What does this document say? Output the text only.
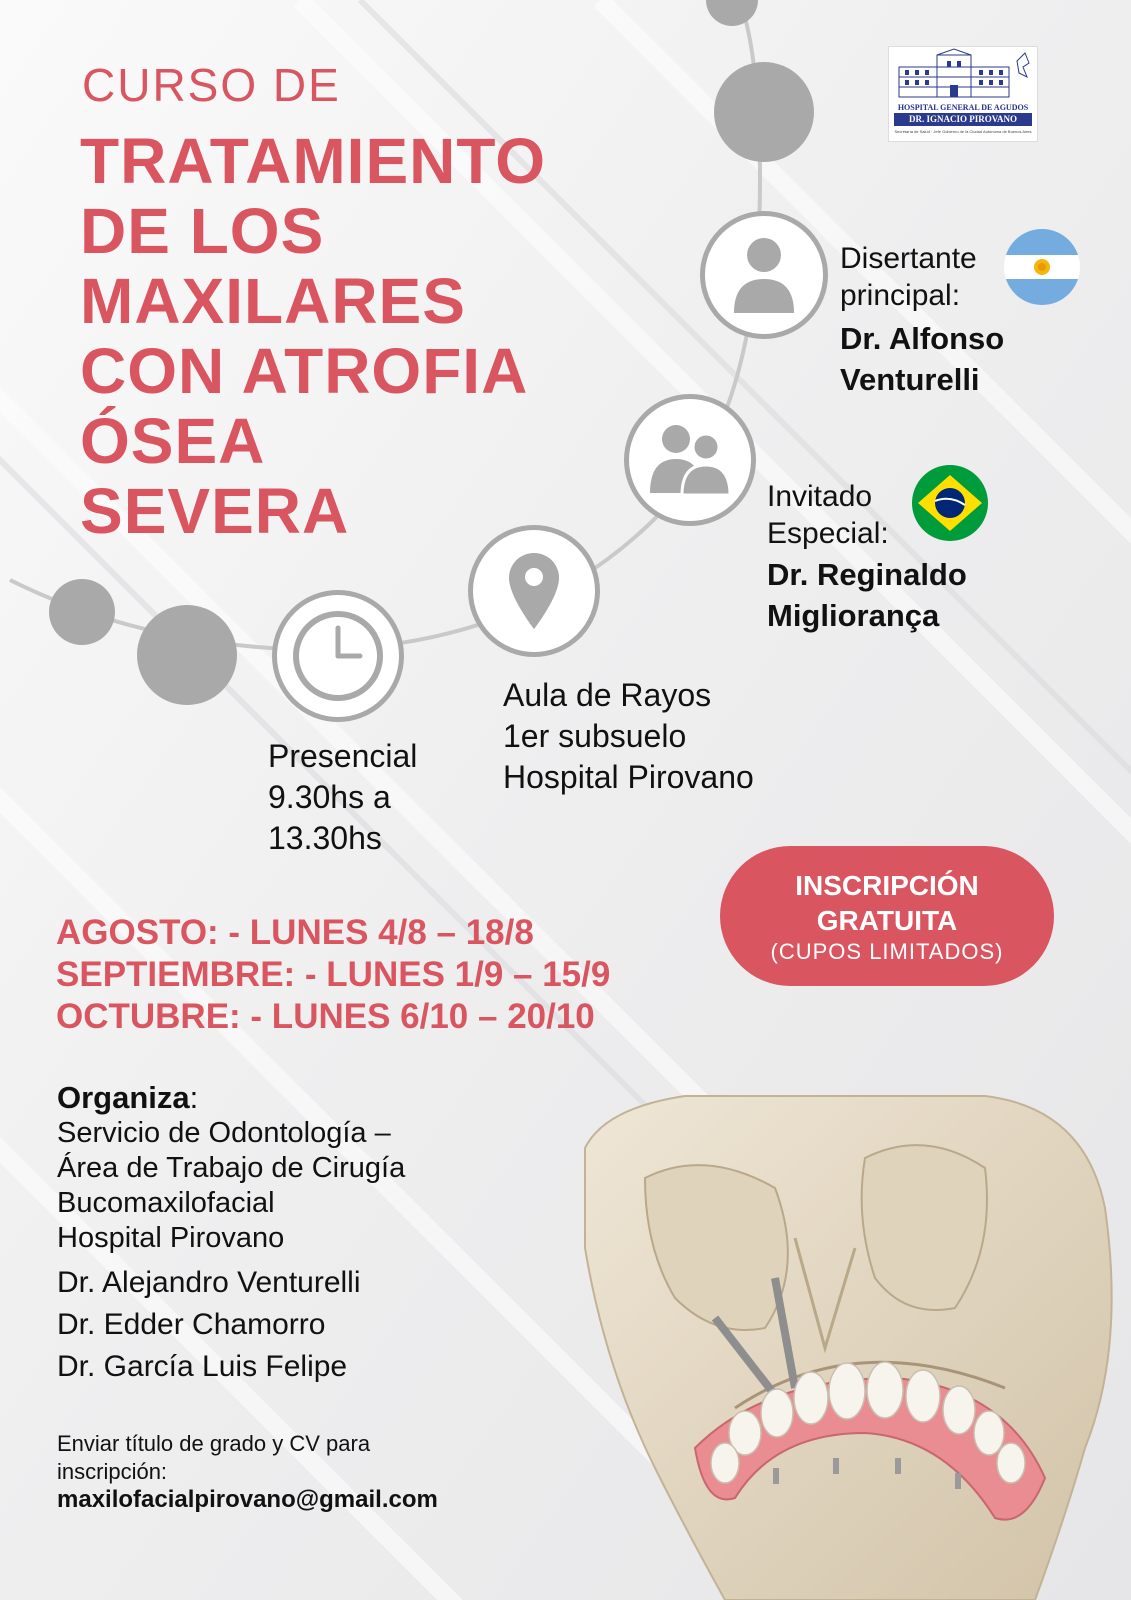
CURSO DE
TRATAMIENTO
DE LOS
MAXILARES
CON ATROFIA
ÓSEA
SEVERA
HOSPITAL GENERAL DE AGUDOS
DR. IGNACIO PIROVANO
Secretaría de Salud · Jefe Gobierno de la Ciudad Autónoma de Buenos Aires
Disertante
principal:
Dr. Alfonso
Venturelli
Invitado
Especial:
Dr. Reginaldo
Migliorança
Aula de Rayos
1er subsuelo
Hospital Pirovano
Presencial
9.30hs a
13.30hs
INSCRIPCIÓN
GRATUITA
(CUPOS LIMITADOS)
AGOSTO: - LUNES 4/8 – 18/8
SEPTIEMBRE: - LUNES 1/9 – 15/9
OCTUBRE: - LUNES 6/10 – 20/10
Organiza:
Servicio de Odontología –
Área de Trabajo de Cirugía
Bucomaxilofacial
Hospital Pirovano
Dr. Alejandro Venturelli
Dr. Edder Chamorro
Dr. García Luis Felipe
Enviar título de grado y CV para
inscripción:
maxilofacialpirovano@gmail.com
